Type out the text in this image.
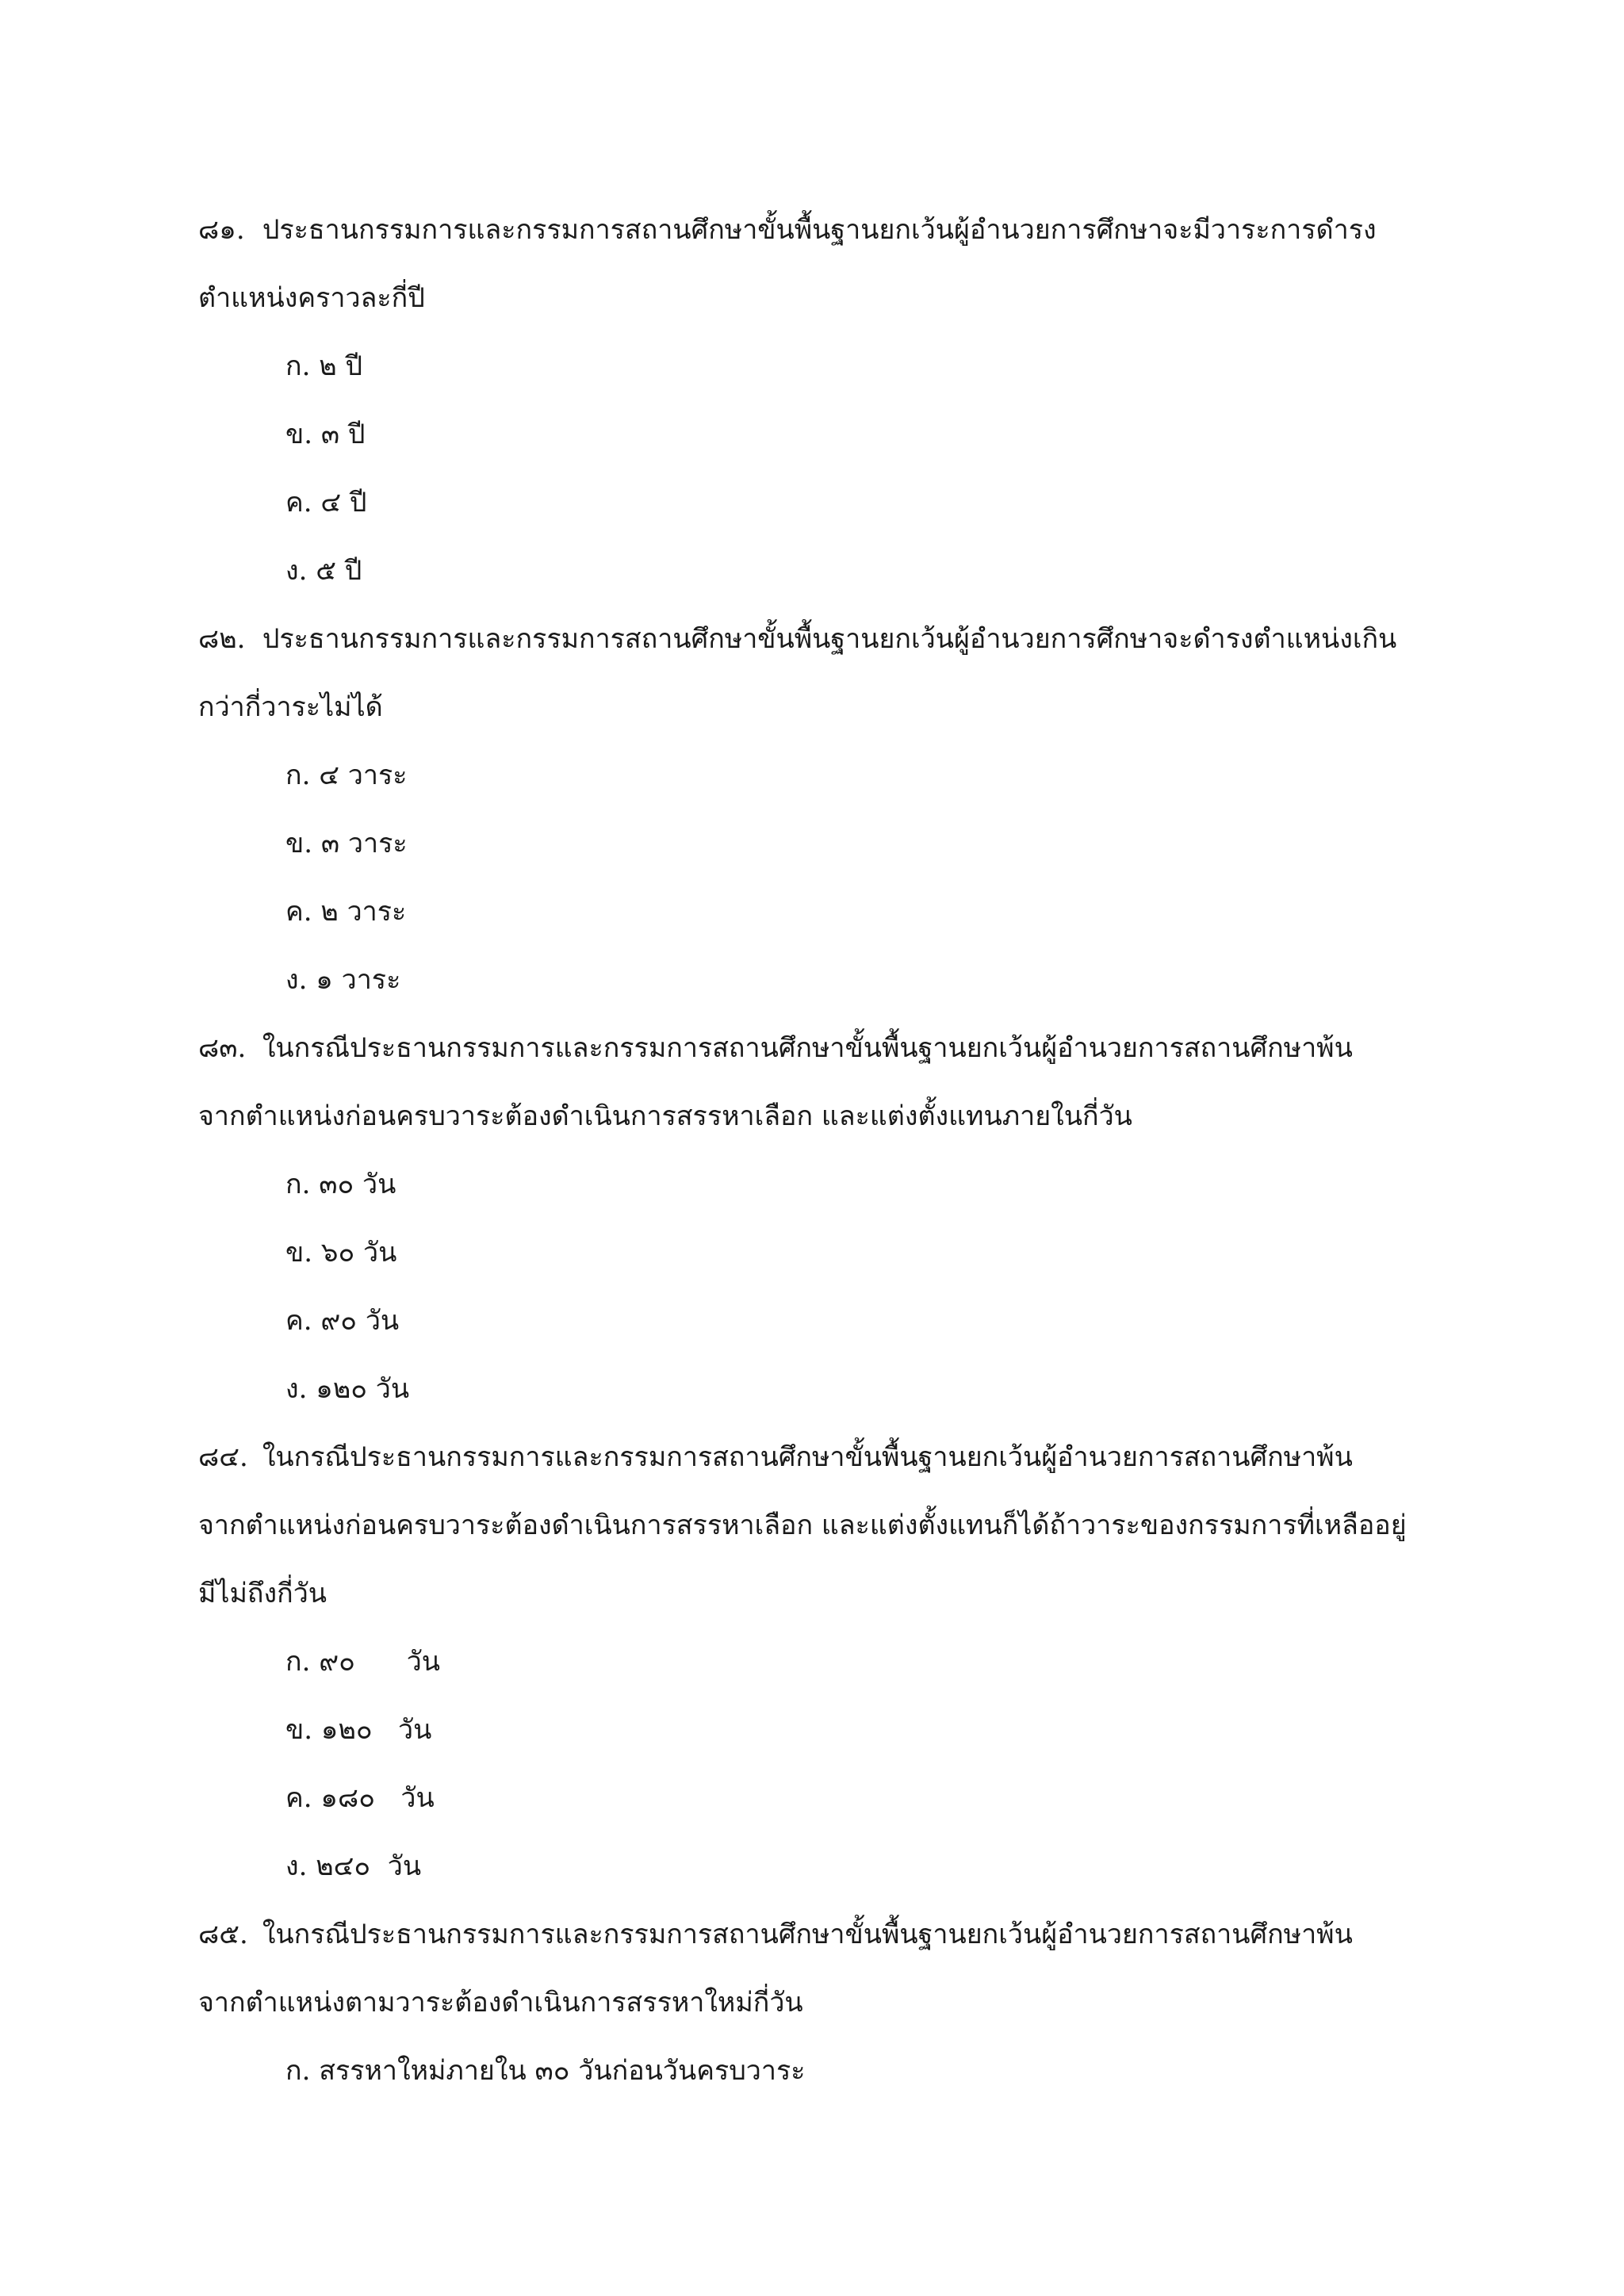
๘๑. ประธานกรรมการและกรรมการสถานศึกษาขั้นพื้นฐานยกเว้นผู้อำนวยการศึกษาจะมีวาระการดำรง
ตำแหน่งคราวละกี่ปี
ก. ๒ ปี
ข. ๓ ปี
ค. ๔ ปี
ง. ๕ ปี
๘๒. ประธานกรรมการและกรรมการสถานศึกษาขั้นพื้นฐานยกเว้นผู้อำนวยการศึกษาจะดำรงตำแหน่งเกิน
กว่ากี่วาระไม่ได้
ก. ๔ วาระ
ข. ๓ วาระ
ค. ๒ วาระ
ง. ๑ วาระ
๘๓. ในกรณีประธานกรรมการและกรรมการสถานศึกษาขั้นพื้นฐานยกเว้นผู้อำนวยการสถานศึกษาพ้น
จากตำแหน่งก่อนครบวาระต้องดำเนินการสรรหาเลือก และแต่งตั้งแทนภายในกี่วัน
ก. ๓๐ วัน
ข. ๖๐ วัน
ค. ๙๐ วัน
ง. ๑๒๐ วัน
๘๔. ในกรณีประธานกรรมการและกรรมการสถานศึกษาขั้นพื้นฐานยกเว้นผู้อำนวยการสถานศึกษาพ้น
จากตำแหน่งก่อนครบวาระต้องดำเนินการสรรหาเลือก และแต่งตั้งแทนก็ได้ถ้าวาระของกรรมการที่เหลืออยู่
มีไม่ถึงกี่วัน
ก. ๙๐      วัน
ข. ๑๒๐   วัน
ค. ๑๘๐   วัน
ง. ๒๔๐  วัน
๘๕. ในกรณีประธานกรรมการและกรรมการสถานศึกษาขั้นพื้นฐานยกเว้นผู้อำนวยการสถานศึกษาพ้น
จากตำแหน่งตามวาระต้องดำเนินการสรรหาใหม่กี่วัน
ก. สรรหาใหม่ภายใน ๓๐ วันก่อนวันครบวาระ
